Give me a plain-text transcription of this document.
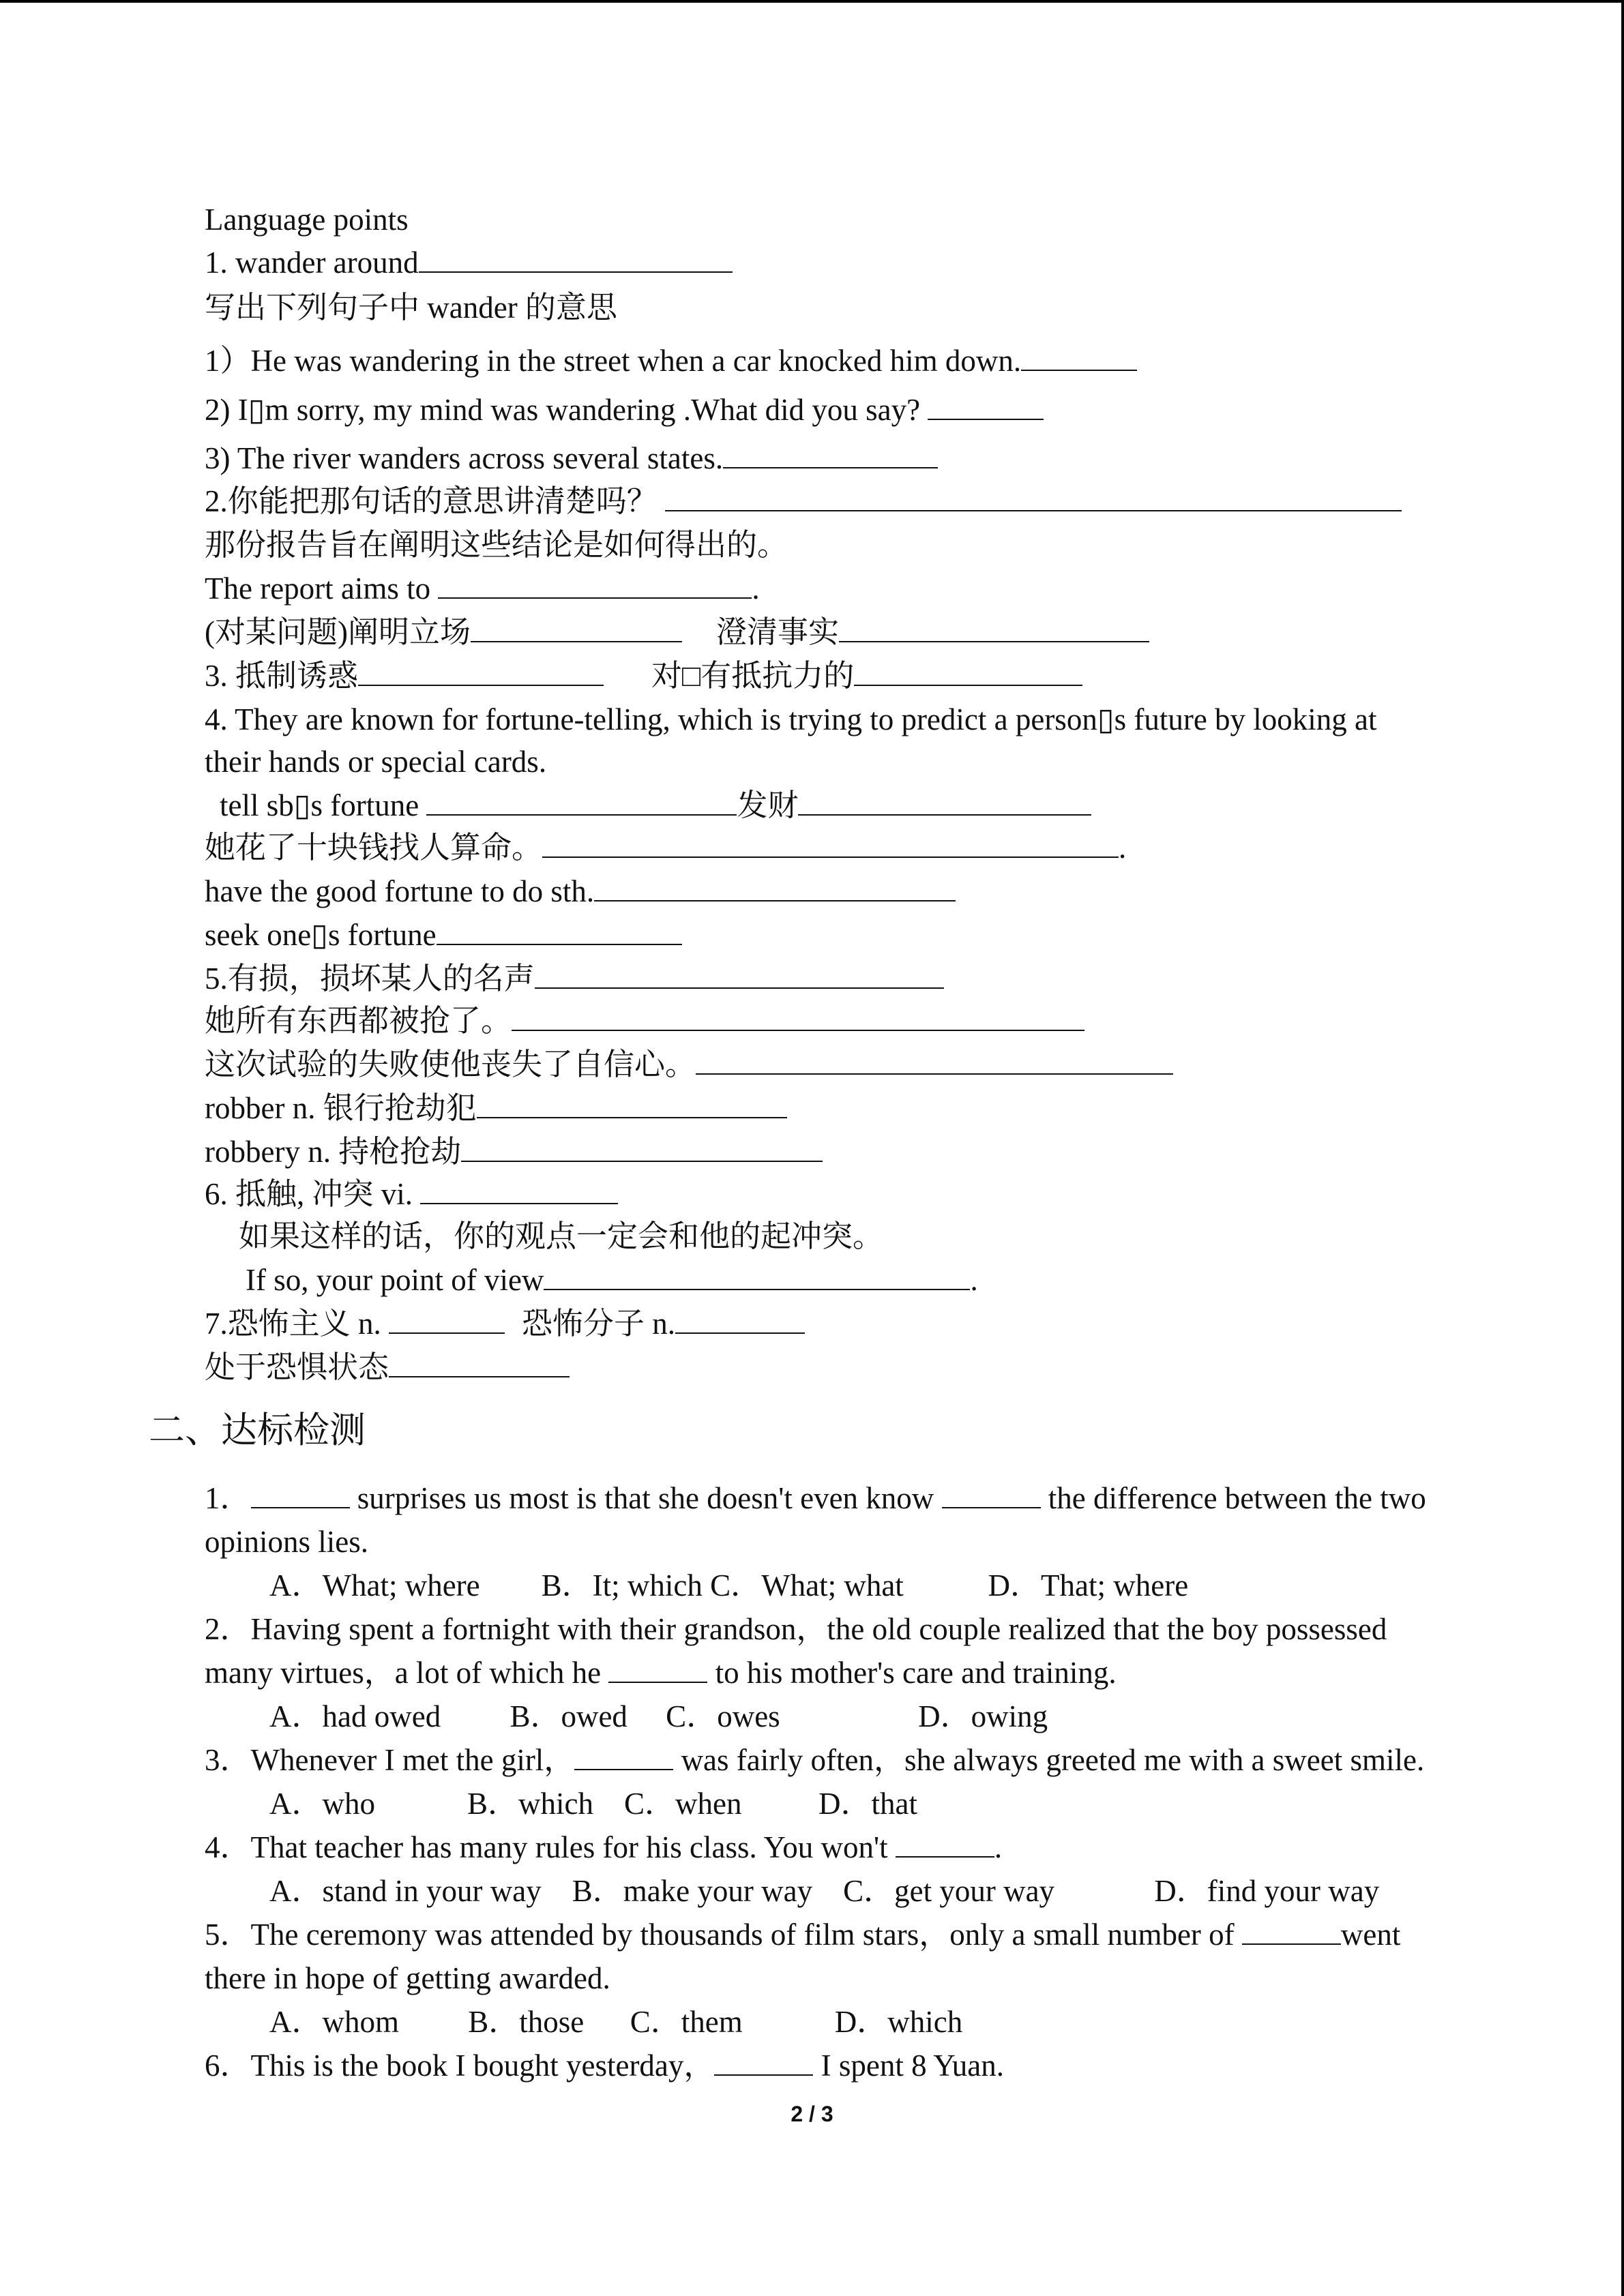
Language points
1. wander around
写出下列句子中 wander 的意思
1）He was wandering in the street when a car knocked him down.
2) I▯m sorry, my mind was wandering .What did you say?
3) The river wanders across several states.
2.你能把那句话的意思讲清楚吗？
那份报告旨在阐明这些结论是如何得出的。
The report aims to	.
(对某问题)阐明立场	澄清事实
3. 抵制诱惑	对□有抵抗力的
4. They are known for fortune-telling, which is trying to predict a person▯s future by looking at
their hands or special cards.
tell sb▯s fortune	发财
她花了十块钱找人算命。	.
have the good fortune to do sth.
seek one▯s fortune
5.有损，损坏某人的名声
她所有东西都被抢了。
这次试验的失败使他丧失了自信心。
robber n. 银行抢劫犯
robbery n. 持枪抢劫
6. 抵触, 冲突 vi.
如果这样的话，你的观点一定会和他的起冲突。
If so, your point of view	.
7.恐怖主义 n.	恐怖分子 n.
处于恐惧状态
二、达标检测
1．	surprises us most is that she doesn't even know	the difference between the two
opinions lies.
A．What; where        B．It; which C．What; what           D．That; where
2．Having spent a fortnight with their grandson，the old couple realized that the boy possessed
many virtues，a lot of which he	to his mother's care and training.
A．had owed         B．owed     C．owes                  D．owing
3．Whenever I met the girl，	was fairly often，she always greeted me with a sweet smile.
A．who            B．which    C．when          D．that
4．That teacher has many rules for his class. You won't	.
A．stand in your way    B．make your way    C．get your way             D．find your way
5．The ceremony was attended by thousands of film stars，only a small number of	went
there in hope of getting awarded.
A．whom         B．those      C．them            D．which
6．This is the book I bought yesterday，	I spent 8 Yuan.
2 / 3
